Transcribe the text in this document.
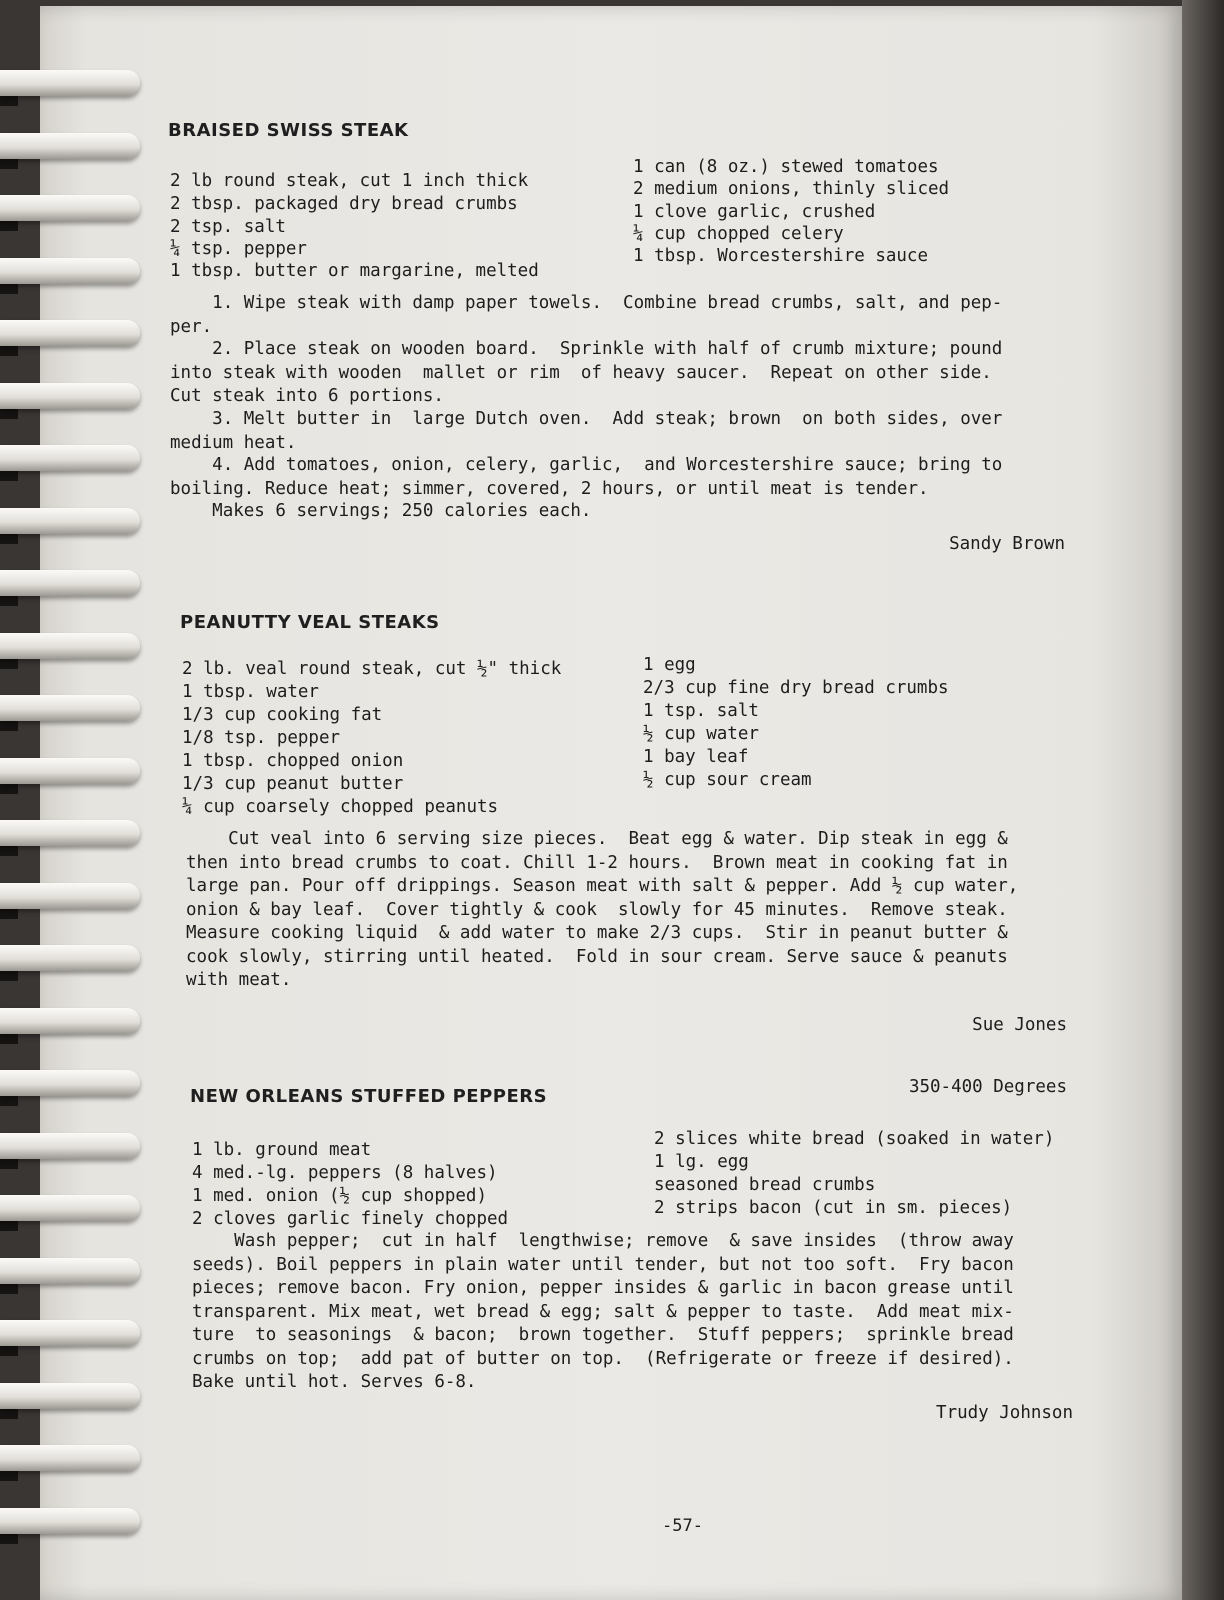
BRAISED SWISS STEAK
2 lb round steak, cut 1 inch thick
2 tbsp. packaged dry bread crumbs
2 tsp. salt
¼ tsp. pepper
1 tbsp. butter or margarine, melted
1 can (8 oz.) stewed tomatoes
2 medium onions, thinly sliced
1 clove garlic, crushed
¼ cup chopped celery
1 tbsp. Worcestershire sauce
1. Wipe steak with damp paper towels.  Combine bread crumbs, salt, and pep-
per.
2. Place steak on wooden board.  Sprinkle with half of crumb mixture; pound
into steak with wooden  mallet or rim  of heavy saucer.  Repeat on other side.
Cut steak into 6 portions.
3. Melt butter in  large Dutch oven.  Add steak; brown  on both sides, over
medium heat.
4. Add tomatoes, onion, celery, garlic,  and Worcestershire sauce; bring to
boiling. Reduce heat; simmer, covered, 2 hours, or until meat is tender.
Makes 6 servings; 250 calories each.
Sandy Brown
PEANUTTY VEAL STEAKS
2 lb. veal round steak, cut ½" thick
1 tbsp. water
1/3 cup cooking fat
1/8 tsp. pepper
1 tbsp. chopped onion
1/3 cup peanut butter
¼ cup coarsely chopped peanuts
1 egg
2/3 cup fine dry bread crumbs
1 tsp. salt
½ cup water
1 bay leaf
½ cup sour cream
Cut veal into 6 serving size pieces.  Beat egg & water. Dip steak in egg &
then into bread crumbs to coat. Chill 1-2 hours.  Brown meat in cooking fat in
large pan. Pour off drippings. Season meat with salt & pepper. Add ½ cup water,
onion & bay leaf.  Cover tightly & cook  slowly for 45 minutes.  Remove steak.
Measure cooking liquid  & add water to make 2/3 cups.  Stir in peanut butter &
cook slowly, stirring until heated.  Fold in sour cream. Serve sauce & peanuts
with meat.
Sue Jones
NEW ORLEANS STUFFED PEPPERS	350-400 Degrees
1 lb. ground meat
4 med.-lg. peppers (8 halves)
1 med. onion (½ cup shopped)
2 cloves garlic finely chopped
2 slices white bread (soaked in water)
1 lg. egg
seasoned bread crumbs
2 strips bacon (cut in sm. pieces)
Wash pepper;  cut in half  lengthwise; remove  & save insides  (throw away
seeds). Boil peppers in plain water until tender, but not too soft.  Fry bacon
pieces; remove bacon. Fry onion, pepper insides & garlic in bacon grease until
transparent. Mix meat, wet bread & egg; salt & pepper to taste.  Add meat mix-
ture  to seasonings  & bacon;  brown together.  Stuff peppers;  sprinkle bread
crumbs on top;  add pat of butter on top.  (Refrigerate or freeze if desired).
Bake until hot. Serves 6-8.
Trudy Johnson
-57-
